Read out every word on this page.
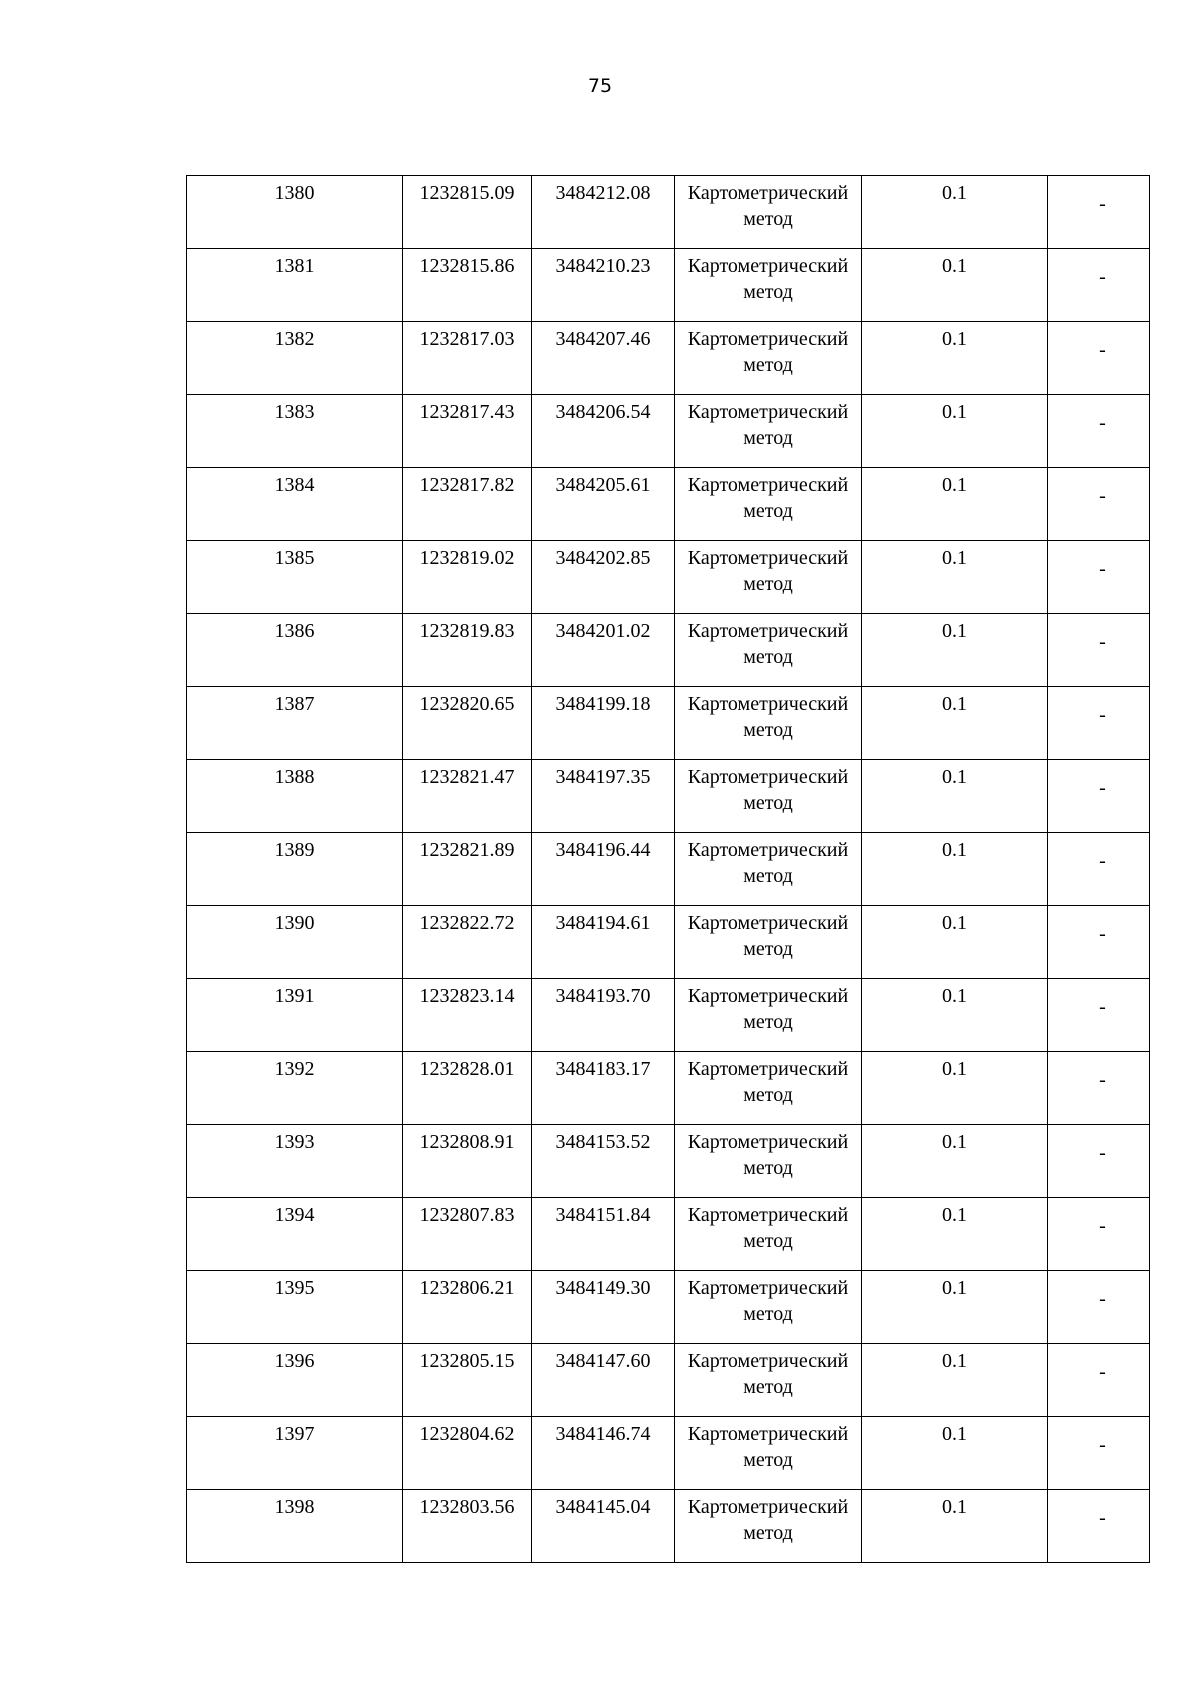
75
1380	1232815.09	3484212.08	Картометрический
метод	0.1	-

1381	1232815.86	3484210.23	Картометрический
метод	0.1	-

1382	1232817.03	3484207.46	Картометрический
метод	0.1	-

1383	1232817.43	3484206.54	Картометрический
метод	0.1	-

1384	1232817.82	3484205.61	Картометрический
метод	0.1	-

1385	1232819.02	3484202.85	Картометрический
метод	0.1	-

1386	1232819.83	3484201.02	Картометрический
метод	0.1	-

1387	1232820.65	3484199.18	Картометрический
метод	0.1	-

1388	1232821.47	3484197.35	Картометрический
метод	0.1	-

1389	1232821.89	3484196.44	Картометрический
метод	0.1	-

1390	1232822.72	3484194.61	Картометрический
метод	0.1	-

1391	1232823.14	3484193.70	Картометрический
метод	0.1	-

1392	1232828.01	3484183.17	Картометрический
метод	0.1	-

1393	1232808.91	3484153.52	Картометрический
метод	0.1	-

1394	1232807.83	3484151.84	Картометрический
метод	0.1	-

1395	1232806.21	3484149.30	Картометрический
метод	0.1	-

1396	1232805.15	3484147.60	Картометрический
метод	0.1	-

1397	1232804.62	3484146.74	Картометрический
метод	0.1	-

1398	1232803.56	3484145.04	Картометрический
метод	0.1	-
